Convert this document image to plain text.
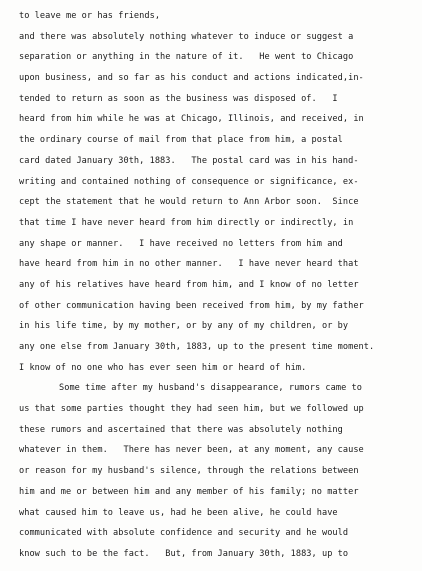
to leave me or has friends,
and there was absolutely nothing whatever to induce or suggest a
separation or anything in the nature of it.   He went to Chicago
upon business, and so far as his conduct and actions indicated,in-
tended to return as soon as the business was disposed of.   I
heard from him while he was at Chicago, Illinois, and received, in
the ordinary course of mail from that place from him, a postal
card dated January 30th, 1883.   The postal card was in his hand-
writing and contained nothing of consequence or significance, ex-
cept the statement that he would return to Ann Arbor soon.  Since
that time I have never heard from him directly or indirectly, in
any shape or manner.   I have received no letters from him and
have heard from him in no other manner.   I have never heard that
any of his relatives have heard from him, and I know of no letter
of other communication having been received from him, by my father
in his life time, by my mother, or by any of my children, or by
any one else from January 30th, 1883, up to the present time moment.
I know of no one who has ever seen him or heard of him.
Some time after my husband's disappearance, rumors came to
us that some parties thought they had seen him, but we followed up
these rumors and ascertained that there was absolutely nothing
whatever in them.   There has never been, at any moment, any cause
or reason for my husband's silence, through the relations between
him and me or between him and any member of his family; no matter
what caused him to leave us, had he been alive, he could have
communicated with absolute confidence and security and he would
know such to be the fact.   But, from January 30th, 1883, up to
